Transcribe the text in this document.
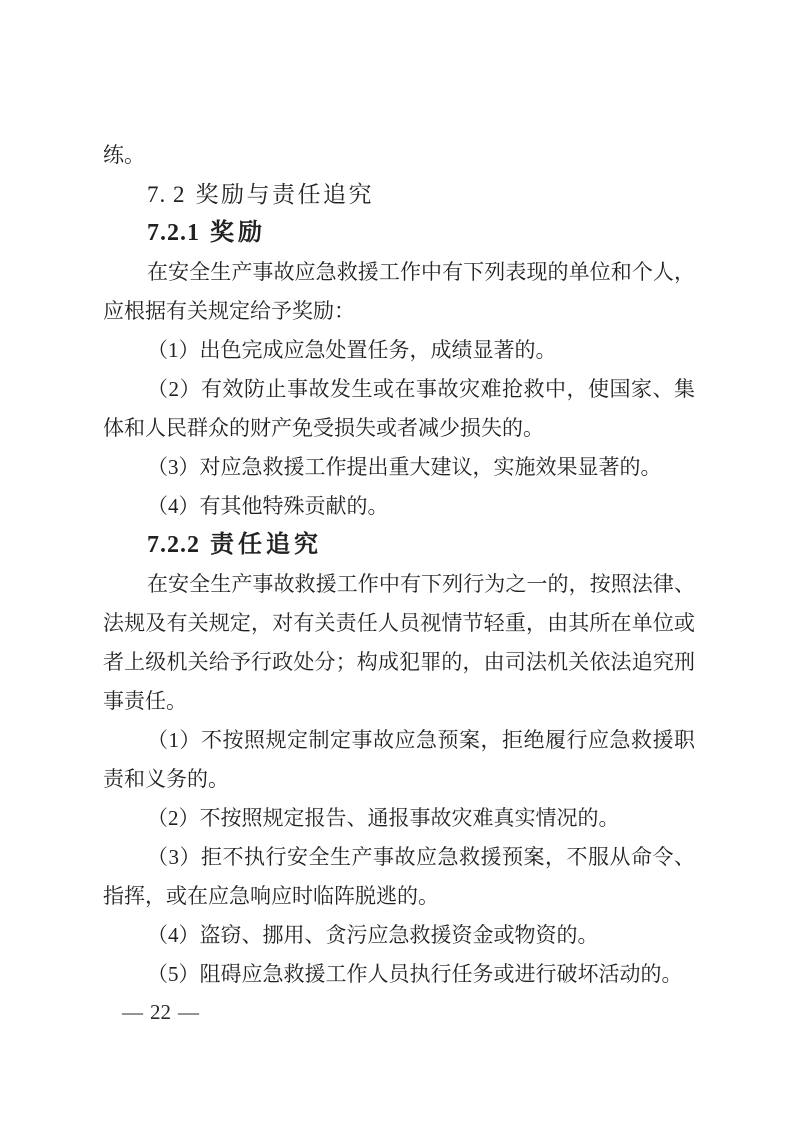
练。
7. 2 奖励与责任追究
7.2.1 奖励
在安全生产事故应急救援工作中有下列表现的单位和个人，
应根据有关规定给予奖励：
（1）出色完成应急处置任务，成绩显著的。
（2）有效防止事故发生或在事故灾难抢救中，使国家、集
体和人民群众的财产免受损失或者减少损失的。
（3）对应急救援工作提出重大建议，实施效果显著的。
（4）有其他特殊贡献的。
7.2.2 责任追究
在安全生产事故救援工作中有下列行为之一的，按照法律、
法规及有关规定，对有关责任人员视情节轻重，由其所在单位或
者上级机关给予行政处分；构成犯罪的，由司法机关依法追究刑
事责任。
（1）不按照规定制定事故应急预案，拒绝履行应急救援职
责和义务的。
（2）不按照规定报告、通报事故灾难真实情况的。
（3）拒不执行安全生产事故应急救援预案，不服从命令、
指挥，或在应急响应时临阵脱逃的。
（4）盗窃、挪用、贪污应急救援资金或物资的。
（5）阻碍应急救援工作人员执行任务或进行破坏活动的。
— 22 —
